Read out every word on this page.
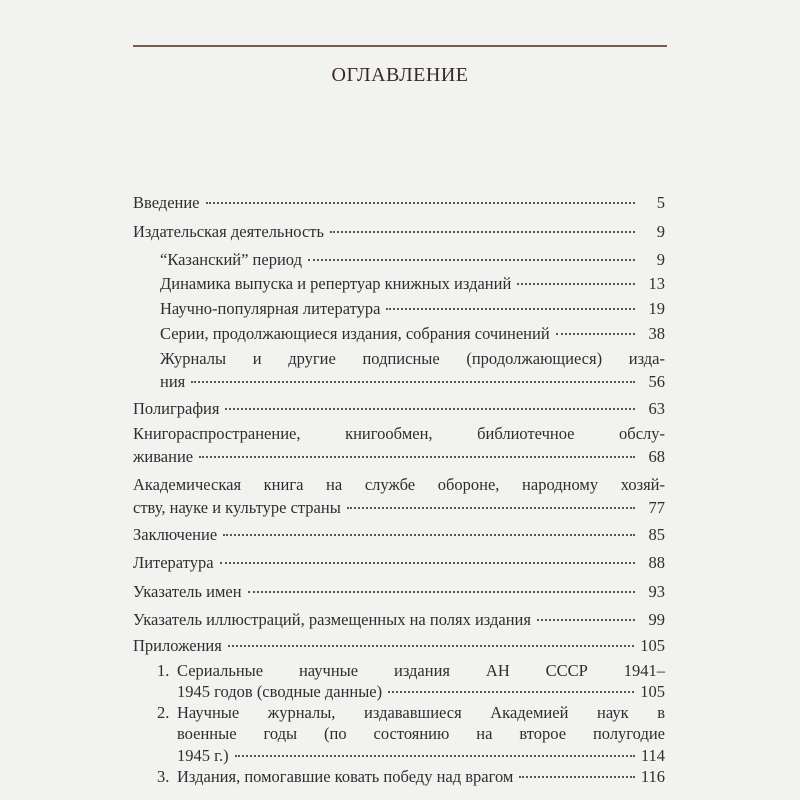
ОГЛАВЛЕНИЕ
Введение	5
Издательская деятельность	9
“Казанский” период	9
Динамика выпуска и репертуар книжных изданий	13
Научно-популярная литература	19
Серии, продолжающиеся издания, собрания сочинений	38
Журналы и другие подписные (продолжающиеся) изда-
ния	56
Полиграфия	63
Книгораспространение, книгообмен, библиотечное обслу-
живание	68
Академическая книга на службе обороне, народному хозяй-
ству, науке и культуре страны	77
Заключение	85
Литература	88
Указатель имен	93
Указатель иллюстраций, размещенных на полях издания	99
Приложения	105
1. Сериальные научные издания АН СССР 1941–
1945 годов (сводные данные)	105
2. Научные журналы, издававшиеся Академией наук в
военные годы (по состоянию на второе полугодие
1945 г.)	114
3. Издания, помогавшие ковать победу над врагом	116
